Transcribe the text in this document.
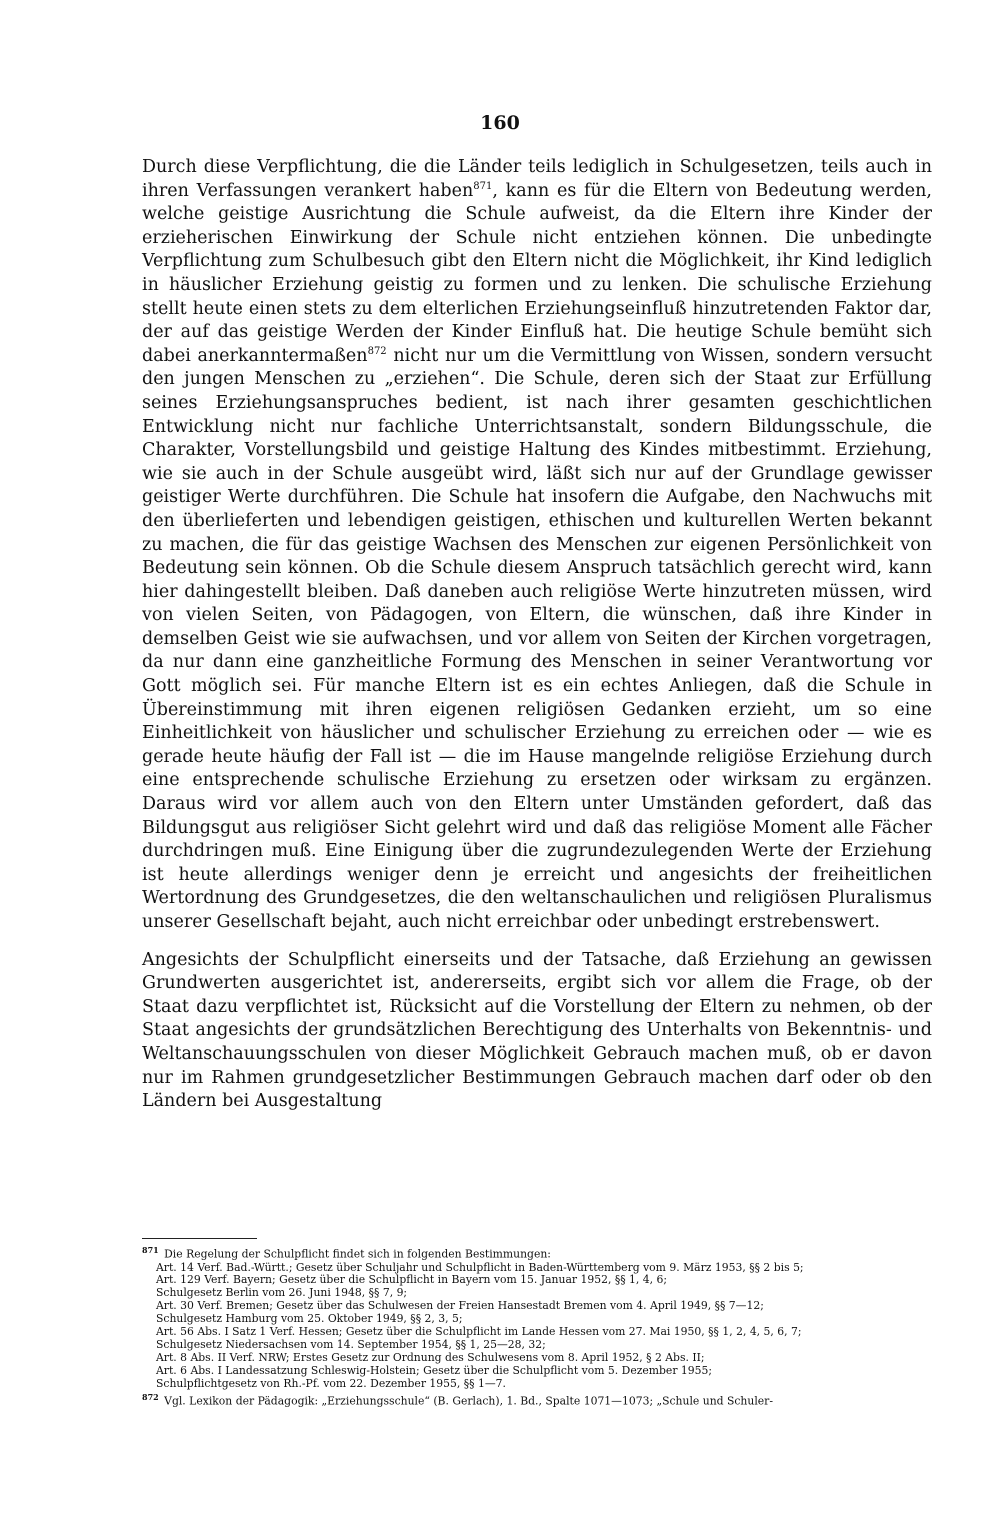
160

Durch diese Verpflichtung, die die Länder teils lediglich in Schulgesetzen, teils auch in ihren Verfassungen verankert haben$^{871}$, kann es für die Eltern von Bedeutung werden, welche geistige Ausrichtung die Schule aufweist, da die Eltern ihre Kinder der erzieherischen Einwirkung der Schule nicht entziehen können. Die unbedingte Verpflichtung zum Schulbesuch gibt den Eltern nicht die Möglichkeit, ihr Kind lediglich in häuslicher Erziehung geistig zu formen und zu lenken. Die schulische Erziehung stellt heute einen stets zu dem elterlichen Erziehungseinfluß hinzutretenden Faktor dar, der auf das geistige Werden der Kinder Einfluß hat. Die heutige Schule bemüht sich dabei anerkanntermaßen$^{872}$ nicht nur um die Vermittlung von Wissen, sondern versucht den jungen Menschen zu „erziehen“. Die Schule, deren sich der Staat zur Erfüllung seines Erziehungsanspruches bedient, ist nach ihrer gesamten geschichtlichen Entwicklung nicht nur fachliche Unterrichtsanstalt, sondern Bildungsschule, die Charakter, Vorstellungsbild und geistige Haltung des Kindes mitbestimmt. Erziehung, wie sie auch in der Schule ausgeübt wird, läßt sich nur auf der Grundlage gewisser geistiger Werte durchführen. Die Schule hat insofern die Aufgabe, den Nachwuchs mit den überlieferten und lebendigen geistigen, ethischen und kulturellen Werten bekannt zu machen, die für das geistige Wachsen des Menschen zur eigenen Persönlichkeit von Bedeutung sein können. Ob die Schule diesem Anspruch tatsächlich gerecht wird, kann hier dahingestellt bleiben. Daß daneben auch religiöse Werte hinzutreten müssen, wird von vielen Seiten, von Pädagogen, von Eltern, die wünschen, daß ihre Kinder in demselben Geist wie sie aufwachsen, und vor allem von Seiten der Kirchen vorgetragen, da nur dann eine ganzheitliche Formung des Menschen in seiner Verantwortung vor Gott möglich sei. Für manche Eltern ist es ein echtes Anliegen, daß die Schule in Übereinstimmung mit ihren eigenen religiösen Gedanken erzieht, um so eine Einheitlichkeit von häuslicher und schulischer Erziehung zu erreichen oder — wie es gerade heute häufig der Fall ist — die im Hause mangelnde religiöse Erziehung durch eine entsprechende schulische Erziehung zu ersetzen oder wirksam zu ergänzen. Daraus wird vor allem auch von den Eltern unter Umständen gefordert, daß das Bildungsgut aus religiöser Sicht gelehrt wird und daß das religiöse Moment alle Fächer durchdringen muß. Eine Einigung über die zugrundezulegenden Werte der Erziehung ist heute allerdings weniger denn je erreicht und angesichts der freiheitlichen Wertordnung des Grundgesetzes, die den weltanschaulichen und religiösen Pluralismus unserer Gesellschaft bejaht, auch nicht erreichbar oder unbedingt erstrebenswert.

Angesichts der Schulpflicht einerseits und der Tatsache, daß Erziehung an gewissen Grundwerten ausgerichtet ist, andererseits, ergibt sich vor allem die Frage, ob der Staat dazu verpflichtet ist, Rücksicht auf die Vorstellung der Eltern zu nehmen, ob der Staat angesichts der grundsätzlichen Berechtigung des Unterhalts von Bekenntnis- und Weltanschauungsschulen von dieser Möglichkeit Gebrauch machen muß, ob er davon nur im Rahmen grundgesetzlicher Bestimmungen Gebrauch machen darf oder ob den Ländern bei Ausgestaltung

$^{871}$ Die Regelung der Schulpflicht findet sich in folgenden Bestimmungen:
Art. 14 Verf. Bad.-Württ.; Gesetz über Schuljahr und Schulpflicht in Baden-Württemberg vom 9. März 1953, §§ 2 bis 5;
Art. 129 Verf. Bayern; Gesetz über die Schulpflicht in Bayern vom 15. Januar 1952, §§ 1, 4, 6;
Schulgesetz Berlin vom 26. Juni 1948, §§ 7, 9;
Art. 30 Verf. Bremen; Gesetz über das Schulwesen der Freien Hansestadt Bremen vom 4. April 1949, §§ 7—12;
Schulgesetz Hamburg vom 25. Oktober 1949, §§ 2, 3, 5;
Art. 56 Abs. I Satz 1 Verf. Hessen; Gesetz über die Schulpflicht im Lande Hessen vom 27. Mai 1950, §§ 1, 2, 4, 5, 6, 7;
Schulgesetz Niedersachsen vom 14. September 1954, §§ 1, 25—28, 32;
Art. 8 Abs. II Verf. NRW; Erstes Gesetz zur Ordnung des Schulwesens vom 8. April 1952, § 2 Abs. II;
Art. 6 Abs. I Landessatzung Schleswig-Holstein; Gesetz über die Schulpflicht vom 5. Dezember 1955;
Schulpflichtgesetz von Rh.-Pf. vom 22. Dezember 1955, §§ 1—7.
$^{872}$ Vgl. Lexikon der Pädagogik: „Erziehungsschule“ (B. Gerlach), 1. Bd., Spalte 1071—1073; „Schule und Schuler-
